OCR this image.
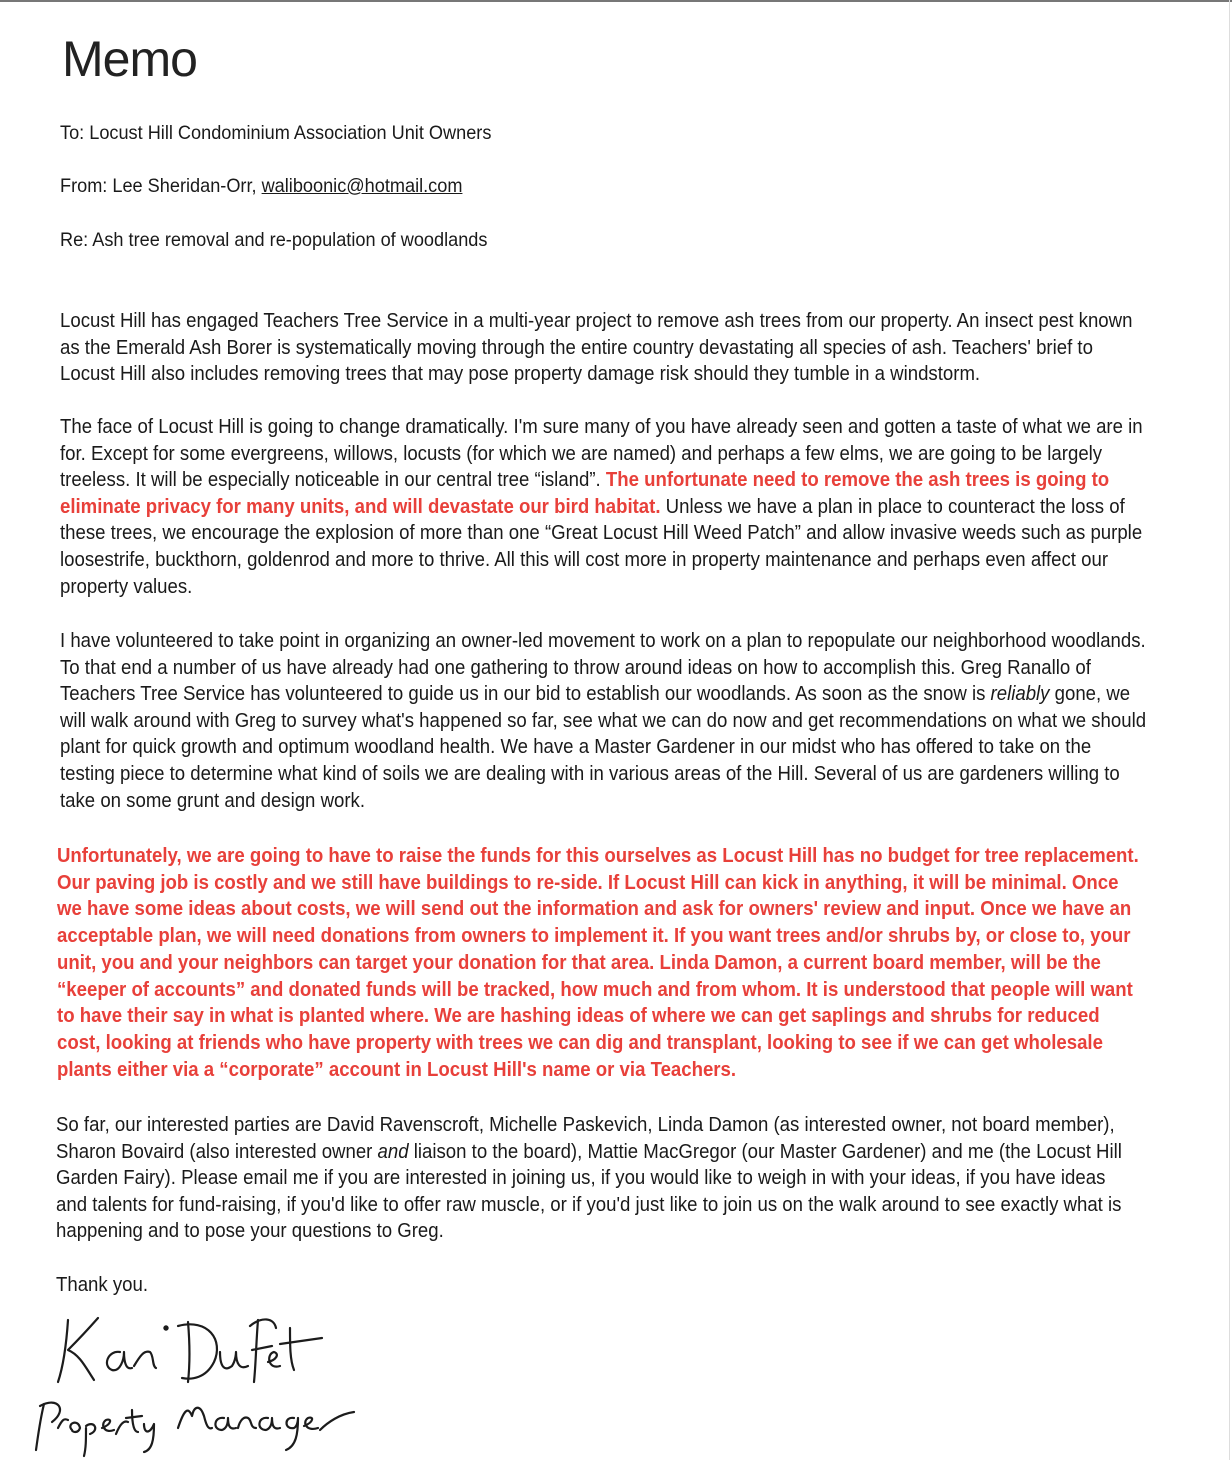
Memo
To: Locust Hill Condominium Association Unit Owners
From: Lee Sheridan-Orr, waliboonic@hotmail.com
Re: Ash tree removal and re-population of woodlands
Locust Hill has engaged Teachers Tree Service in a multi-year project to remove ash trees from our property. An insect pest known
as the Emerald Ash Borer is systematically moving through the entire country devastating all species of ash. Teachers' brief to
Locust Hill also includes removing trees that may pose property damage risk should they tumble in a windstorm.
The face of Locust Hill is going to change dramatically. I'm sure many of you have already seen and gotten a taste of what we are in
for. Except for some evergreens, willows, locusts (for which we are named) and perhaps a few elms, we are going to be largely
treeless. It will be especially noticeable in our central tree “island”. The unfortunate need to remove the ash trees is going to
eliminate privacy for many units, and will devastate our bird habitat. Unless we have a plan in place to counteract the loss of
these trees, we encourage the explosion of more than one “Great Locust Hill Weed Patch” and allow invasive weeds such as purple
loosestrife, buckthorn, goldenrod and more to thrive. All this will cost more in property maintenance and perhaps even affect our
property values.
I have volunteered to take point in organizing an owner-led movement to work on a plan to repopulate our neighborhood woodlands.
To that end a number of us have already had one gathering to throw around ideas on how to accomplish this. Greg Ranallo of
Teachers Tree Service has volunteered to guide us in our bid to establish our woodlands. As soon as the snow is reliably gone, we
will walk around with Greg to survey what's happened so far, see what we can do now and get recommendations on what we should
plant for quick growth and optimum woodland health. We have a Master Gardener in our midst who has offered to take on the
testing piece to determine what kind of soils we are dealing with in various areas of the Hill. Several of us are gardeners willing to
take on some grunt and design work.
Unfortunately, we are going to have to raise the funds for this ourselves as Locust Hill has no budget for tree replacement.
Our paving job is costly and we still have buildings to re-side. If Locust Hill can kick in anything, it will be minimal. Once
we have some ideas about costs, we will send out the information and ask for owners' review and input. Once we have an
acceptable plan, we will need donations from owners to implement it. If you want trees and/or shrubs by, or close to, your
unit, you and your neighbors can target your donation for that area. Linda Damon, a current board member, will be the
“keeper of accounts” and donated funds will be tracked, how much and from whom. It is understood that people will want
to have their say in what is planted where. We are hashing ideas of where we can get saplings and shrubs for reduced
cost, looking at friends who have property with trees we can dig and transplant, looking to see if we can get wholesale
plants either via a “corporate” account in Locust Hill's name or via Teachers.
So far, our interested parties are David Ravenscroft, Michelle Paskevich, Linda Damon (as interested owner, not board member),
Sharon Bovaird (also interested owner and liaison to the board), Mattie MacGregor (our Master Gardener) and me (the Locust Hill
Garden Fairy). Please email me if you are interested in joining us, if you would like to weigh in with your ideas, if you have ideas
and talents for fund-raising, if you'd like to offer raw muscle, or if you'd just like to join us on the walk around to see exactly what is
happening and to pose your questions to Greg.
Thank you.
